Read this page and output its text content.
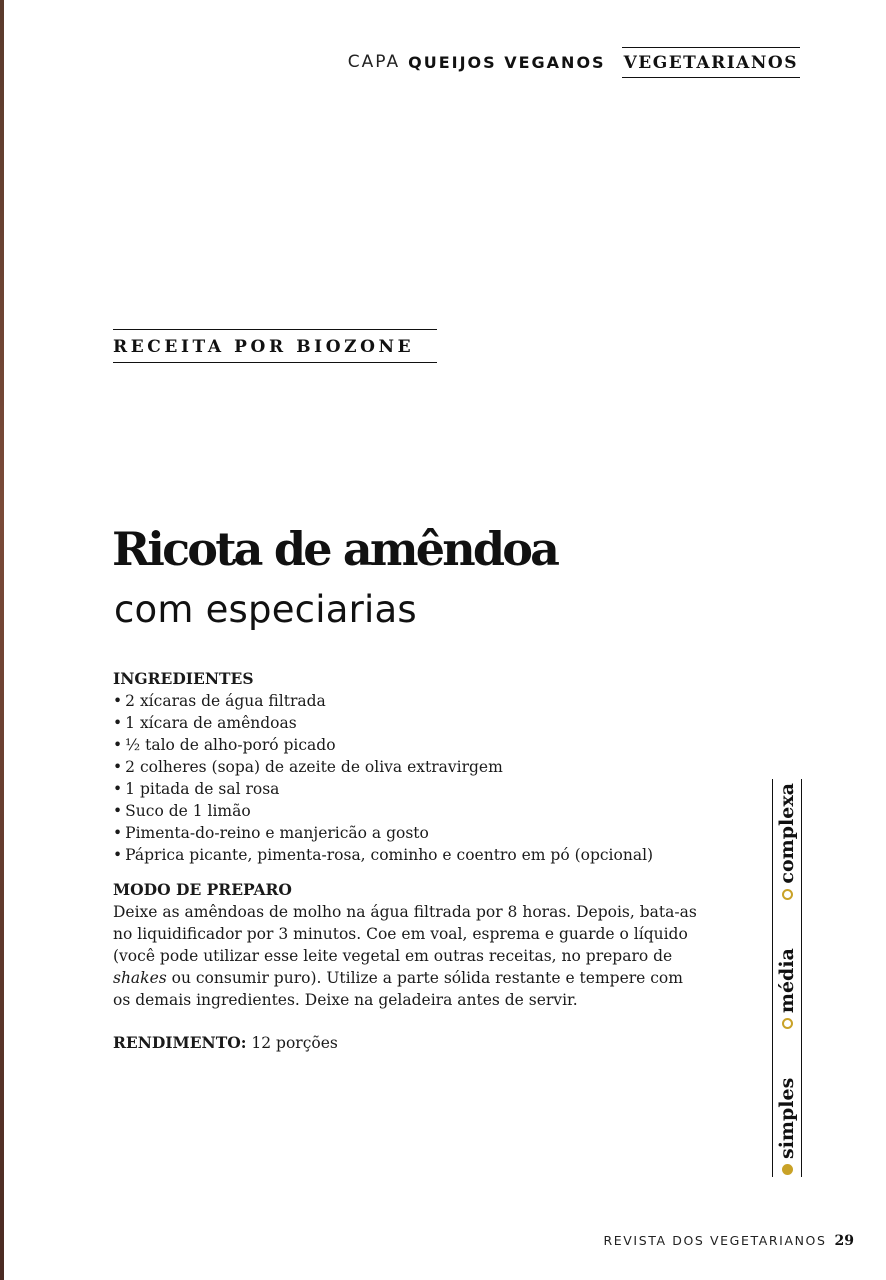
CAPA QUEIJOS VEGANOS VEGETARIANOS
RECEITA POR BIOZONE
Ricota de amêndoa
com especiarias
INGREDIENTES
• 2 xícaras de água filtrada
• 1 xícara de amêndoas
• ½ talo de alho-poró picado
• 2 colheres (sopa) de azeite de oliva extravirgem
• 1 pitada de sal rosa
• Suco de 1 limão
• Pimenta-do-reino e manjericão a gosto
• Páprica picante, pimenta-rosa, cominho e coentro em pó (opcional)
MODO DE PREPARO

Deixe as amêndoas de molho na água filtrada por 8 horas. Depois, bata-as no liquidificador por 3 minutos. Coe em voal, esprema e guarde o líquido (você pode utilizar esse leite vegetal em outras receitas, no preparo de shakes ou consumir puro). Utilize a parte sólida restante e tempere com os demais ingredientes. Deixe na geladeira antes de servir.

RENDIMENTO: 12 porções
simples
média
complexa
REVISTA DOS VEGETARIANOS 29
